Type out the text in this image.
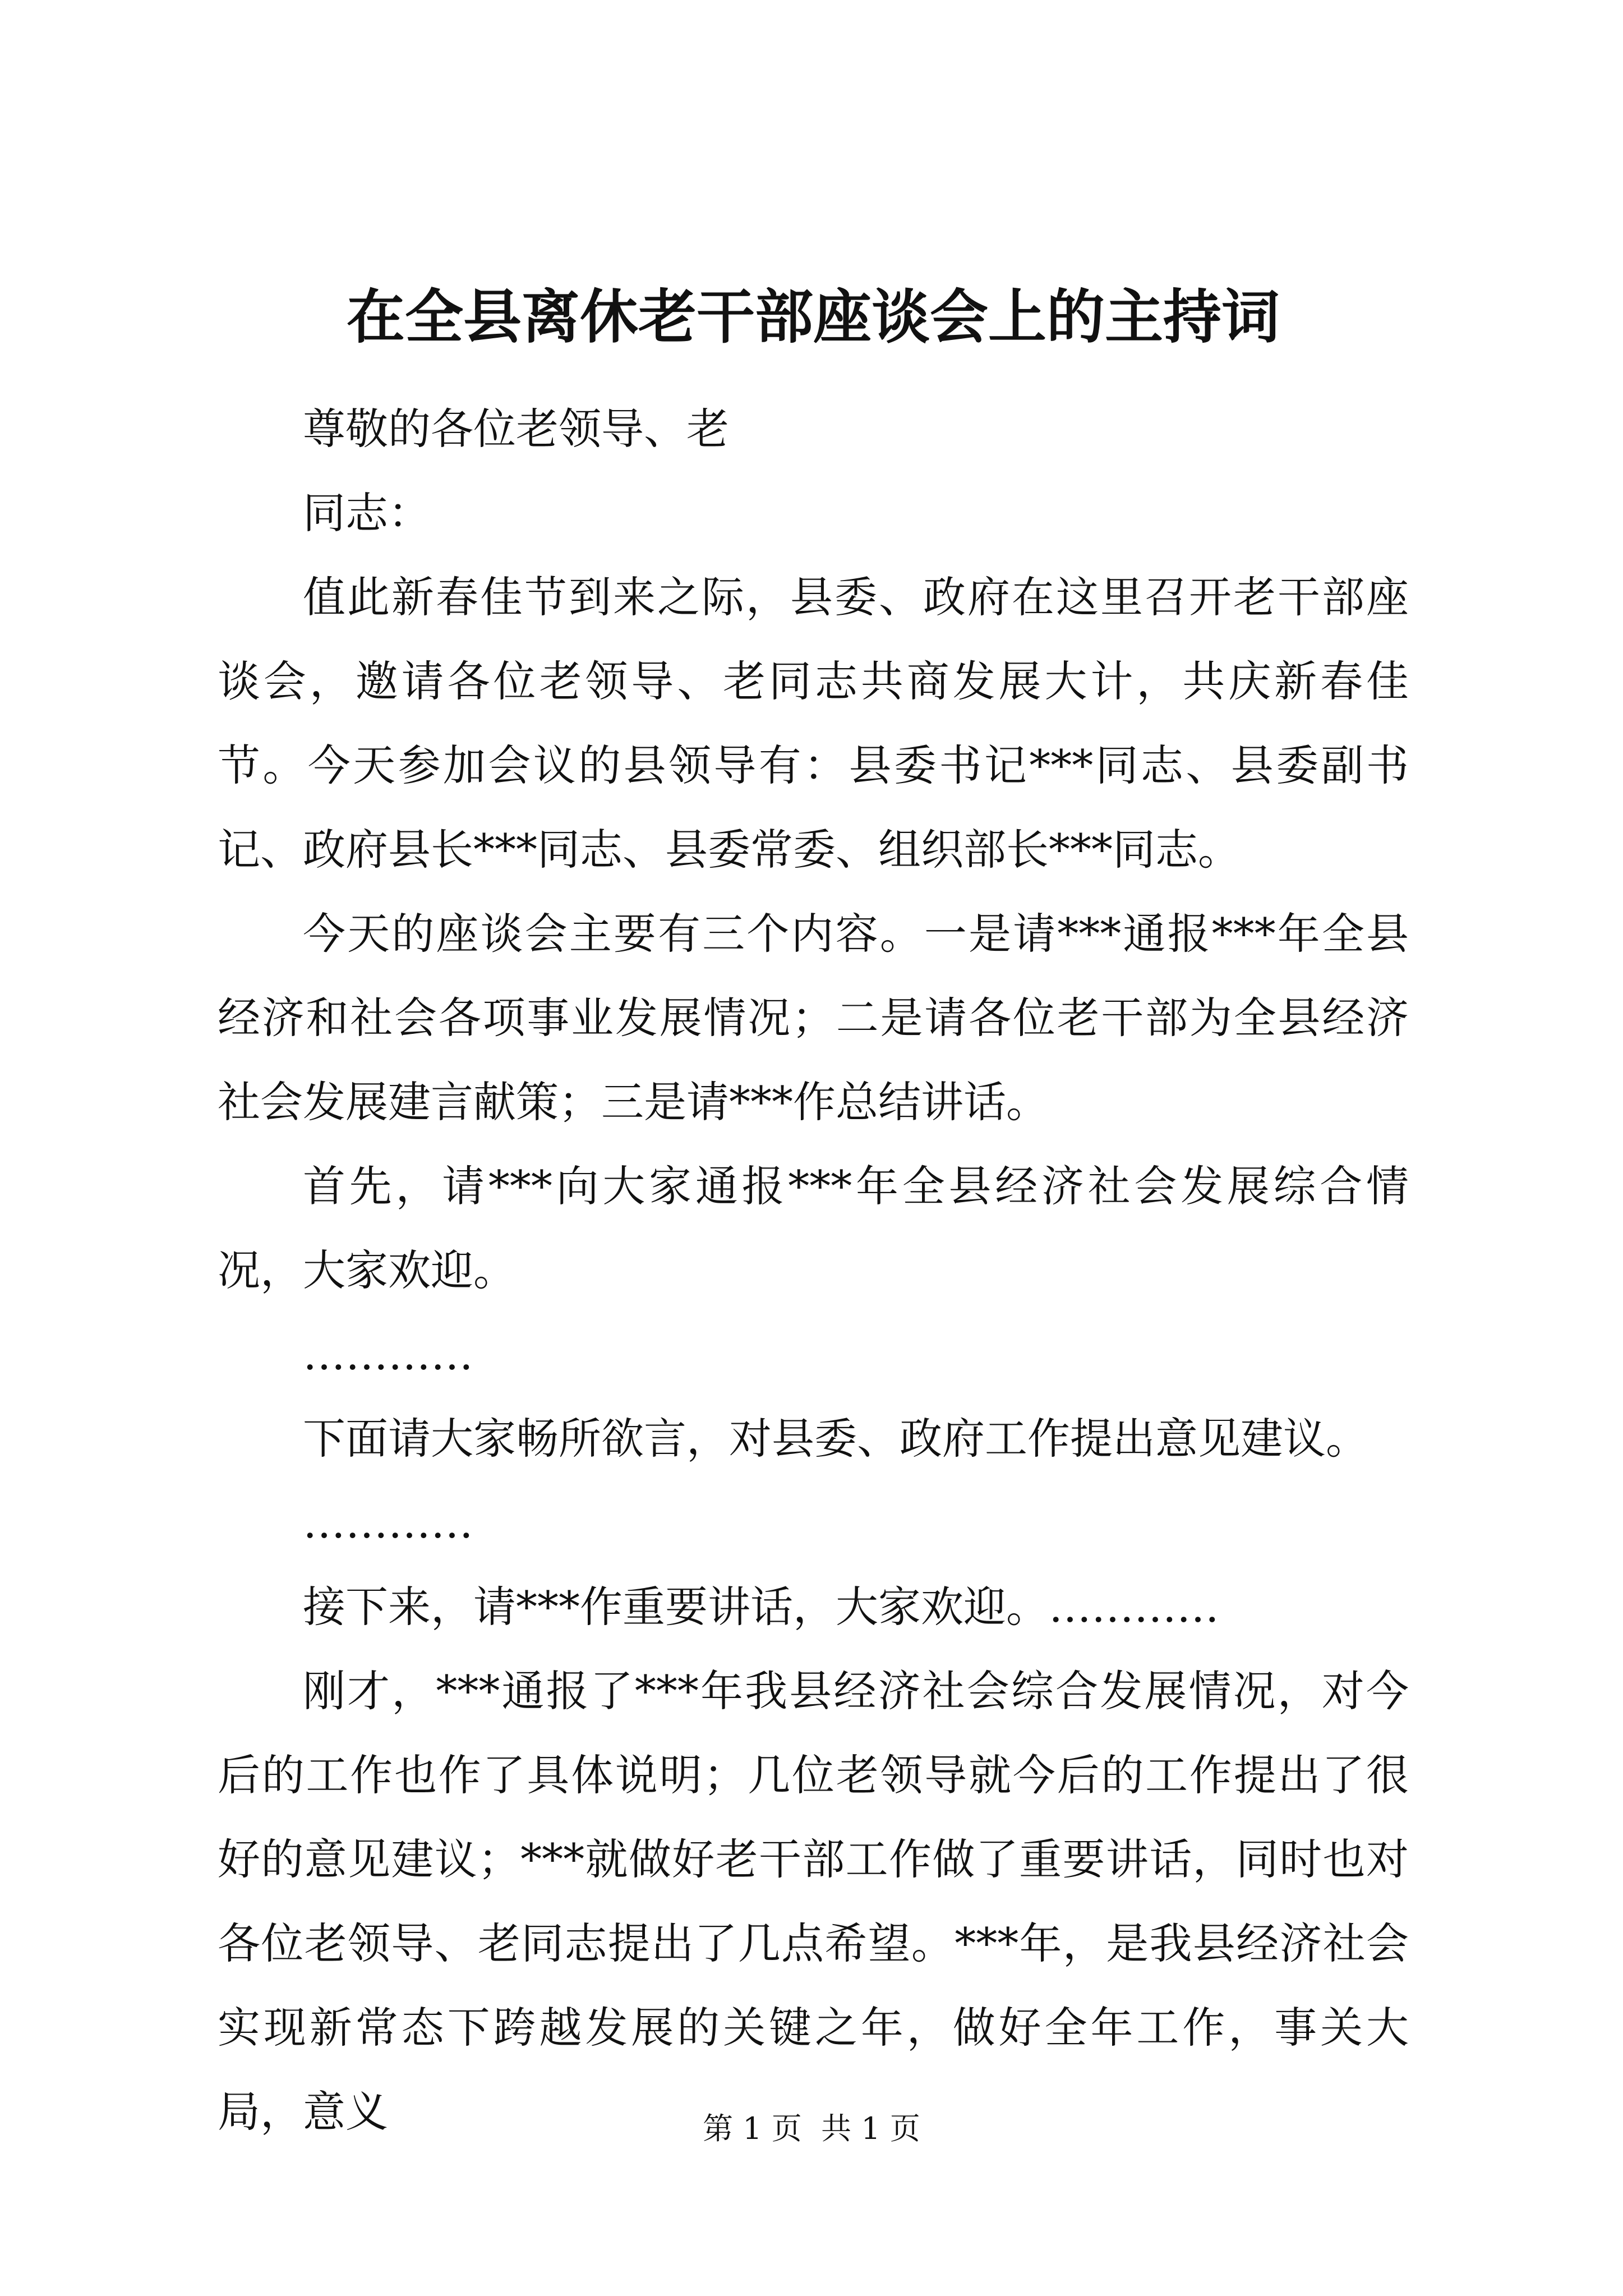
在全县离休老干部座谈会上的主持词

尊敬的各位老领导、老

同志：

值此新春佳节到来之际，县委、政府在这里召开老干部座谈会，邀请各位老领导、老同志共商发展大计，共庆新春佳节。今天参加会议的县领导有：县委书记***同志、县委副书记、政府县长***同志、县委常委、组织部长***同志。

今天的座谈会主要有三个内容。一是请***通报***年全县经济和社会各项事业发展情况；二是请各位老干部为全县经济社会发展建言献策；三是请***作总结讲话。

首先，请***向大家通报***年全县经济社会发展综合情况，大家欢迎。

…………

下面请大家畅所欲言，对县委、政府工作提出意见建议。

…………

接下来，请***作重要讲话，大家欢迎。…………

刚才，***通报了***年我县经济社会综合发展情况，对今后的工作也作了具体说明；几位老领导就今后的工作提出了很好的意见建议；***就做好老干部工作做了重要讲话，同时也对各位老领导、老同志提出了几点希望。***年，是我县经济社会实现新常态下跨越发展的关键之年，做好全年工作，事关大局，意义	第 1 页  共 1 页
